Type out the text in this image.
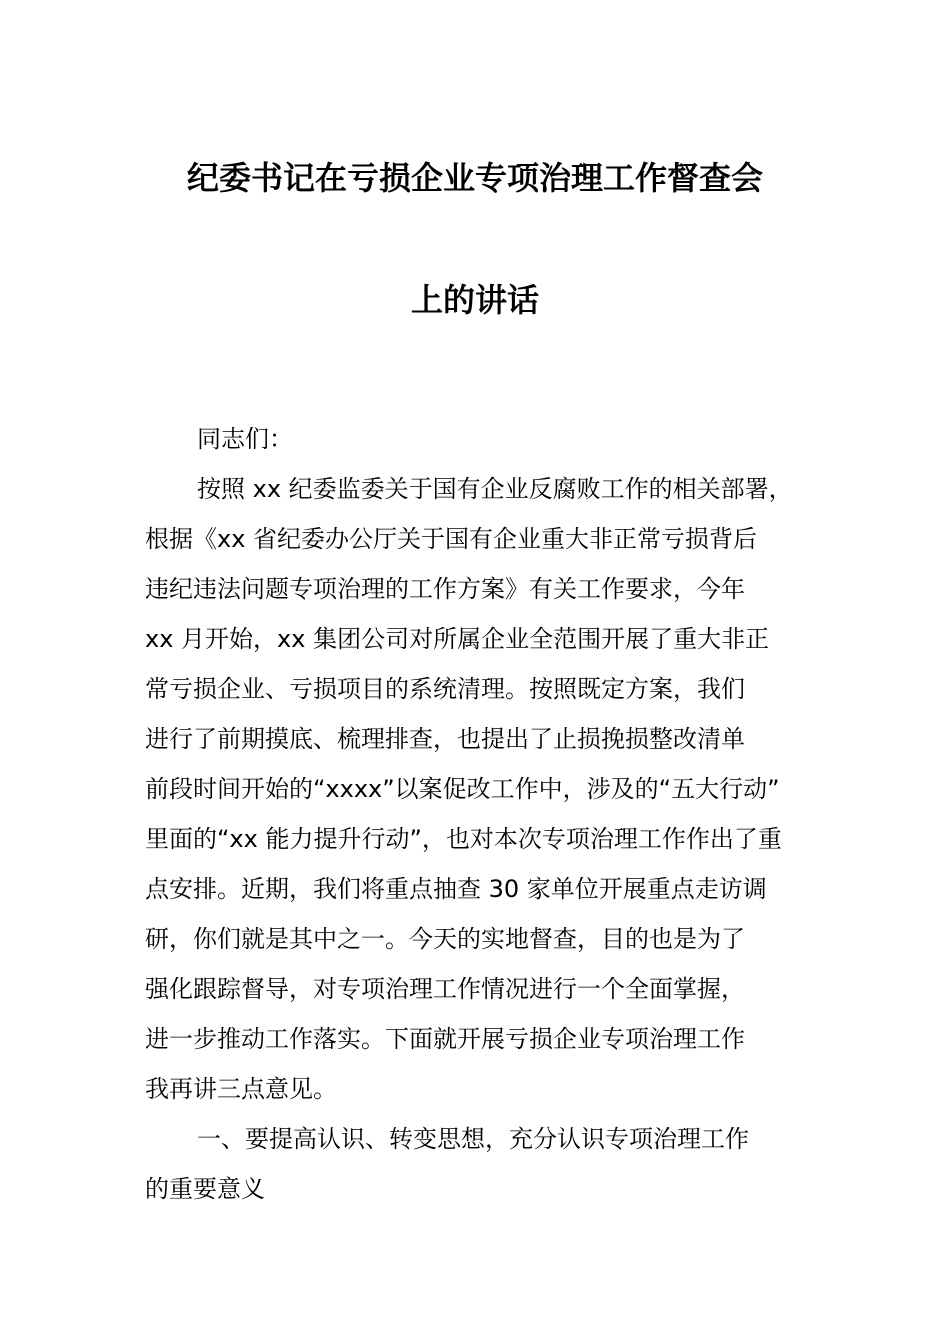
纪委书记在亏损企业专项治理工作督查会
上的讲话
同志们：
按照 xx 纪委监委关于国有企业反腐败工作的相关部署，
根据《xx 省纪委办公厅关于国有企业重大非正常亏损背后
违纪违法问题专项治理的工作方案》有关工作要求，今年
xx 月开始，xx 集团公司对所属企业全范围开展了重大非正
常亏损企业、亏损项目的系统清理。按照既定方案，我们
进行了前期摸底、梳理排查，也提出了止损挽损整改清单
前段时间开始的“xxxx”以案促改工作中，涉及的“五大行动”
里面的“xx 能力提升行动”，也对本次专项治理工作作出了重
点安排。近期，我们将重点抽查 30 家单位开展重点走访调
研，你们就是其中之一。今天的实地督查，目的也是为了
强化跟踪督导，对专项治理工作情况进行一个全面掌握，
进一步推动工作落实。下面就开展亏损企业专项治理工作
我再讲三点意见。
一、要提高认识、转变思想，充分认识专项治理工作
的重要意义
